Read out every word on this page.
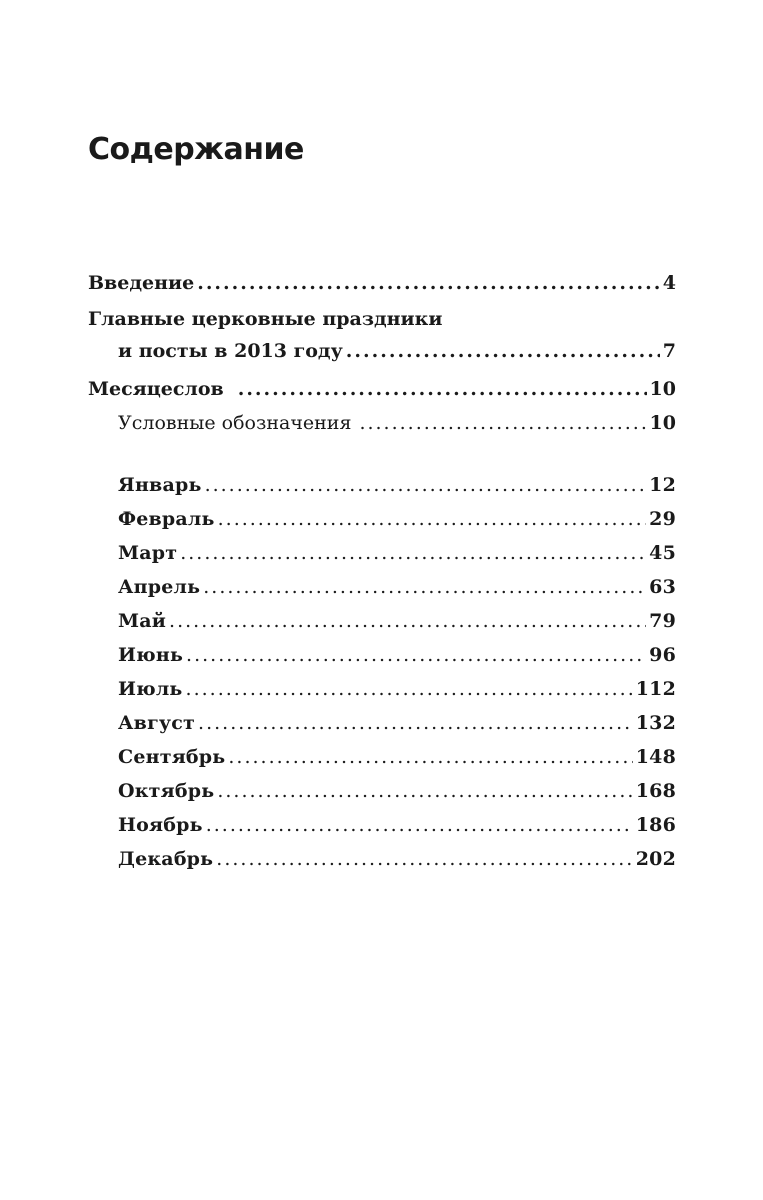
Содержание
Введение .....	4
Главные церковные праздники
и посты в 2013 году .....	7
Месяцеслов .....	10
Условные обозначения .....	10
Январь .....	12
Февраль .....	29
Март .....	45
Апрель .....	63
Май .....	79
Июнь .....	96
Июль .....	112
Август .....	132
Сентябрь .....	148
Октябрь .....	168
Ноябрь .....	186
Декабрь .....	202
